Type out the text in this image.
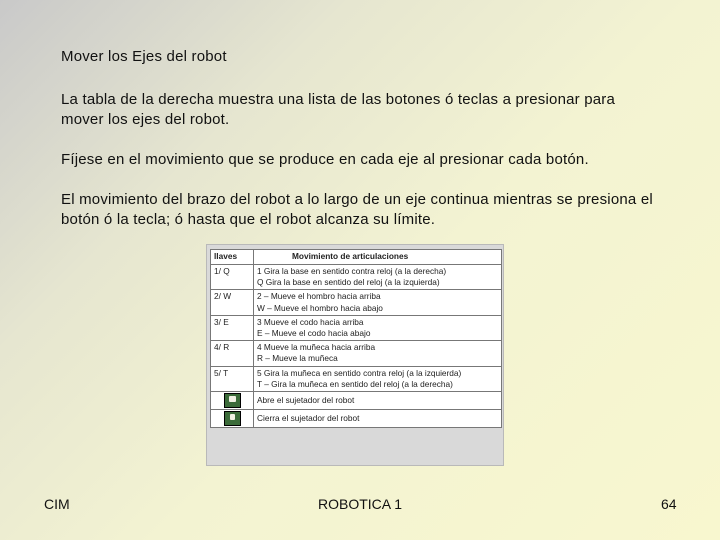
Mover los Ejes del robot
La tabla de la derecha muestra una lista de las botones ó teclas a presionar para mover los ejes del robot.
Fíjese en el movimiento que se produce en cada eje al presionar cada botón.
El movimiento del brazo del robot a lo largo de un eje continua mientras se presiona el botón ó la tecla; ó hasta que el robot alcanza su límite.
llaves	Movimiento de articulaciones
1/ Q	1 Gira la base en sentido contra reloj (a la derecha)
Q Gira la base en sentido del reloj (a la izquierda)

2/ W	2 – Mueve el hombro hacia arriba
W – Mueve el hombro hacia abajo

3/ E	3 Mueve el codo hacia arriba
E – Mueve el codo hacia abajo

4/ R	4 Mueve la muñeca hacia arriba
R – Mueve la muñeca

5/ T	5 Gira la muñeca en sentido contra reloj (a la izquierda)
T – Gira la muñeca en sentido del reloj (a la derecha)

	Abre el sujetador del robot
	Cierra el sujetador del robot
CIM	ROBOTICA 1	64
